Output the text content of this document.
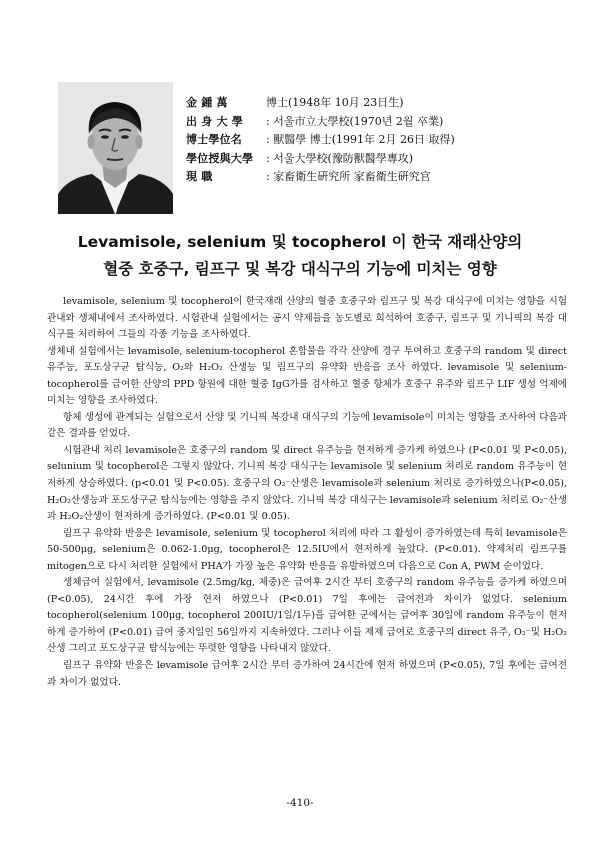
金 鍾 萬	博士(1948年 10月 23日生)
出 身 大 學	: 서울市立大學校(1970년 2월 卒業)
博士學位名	: 獸醫學 博士(1991年 2月 26日 取得)
學位授與大學	: 서울大學校(豫防獸醫學專攻)
現 職	: 家畜衛生硏究所 家畜衛生硏究官
Levamisole, selenium 및 tocopherol 이 한국 재래산양의
혈중 호중구, 림프구 및 복강 대식구의 기능에 미치는 영향

levamisole, selenium 및 tocopherol이 한국재래 산양의 혈중 호중구와 림프구 및 복강 대식구에 미치는 영향을 시험관내와 생체내에서 조사하였다. 시험관내 실험에서는 공시 약제들을 농도별로 희석하여 호중구, 림프구 및 기니픽의 복강 대식구를 처리하여 그들의 각종 기능을 조사하였다.

생체내 실험에서는 levamisole, selenium-tocopherol 혼합물을 각각 산양에 경구 투여하고 호중구의 random 및 direct 유주능, 포도상구균 탐식능, O₂와 H₂O₂ 산생능 및 림프구의 유약화 반응을 조사 하였다. levamisole 및 selenium-tocopherol를 급여한 산양의 PPD 항원에 대한 혈중 IgG가를 검사하고 혈중 항체가 호중구 유주와 림프구 LIF 생성 억제에 미치는 영향을 조사하였다.

항체 생성에 관계되는 실험으로서 산양 및 기니픽 복강내 대식구의 기능에 levamisole이 미치는 영향을 조사하여 다음과 같은 결과를 얻었다.

시험관내 처리 levamisole은 호중구의 random 및 direct 유주능을 현저하게 증가케 하였으나 (P<0.01 및 P<0.05), selunium 및 tocopherol은 그렇지 않았다. 기니픽 복강 대식구는 levamisole 및 selenium 처리로 random 유주능이 현저하게 상승하였다. (p<0.01 및 P<0.05). 호중구의 O₂⁻산생은 levamisole과 selenium 처리로 증가하였으나(P<0.05), H₂O₂산생능과 포도상구균 탐식능에는 영향을 주지 않았다. 기니픽 복강 대식구는 levamisole과 selenium 처리로 O₂⁻산생과 H₂O₂산생이 현저하게 증가하였다. (P<0.01 및 0.05).

림프구 유약화 반응은 levamisole, selenium 및 tocopherol 처리에 따라 그 활성이 증가하였는데 특히 levamisole은 50-500μg, selenium은 0.062-1.0μg, tocopherol은 12.5IU에서 현저하게 높았다. (P<0.01). 약제처리 림프구를 mitogen으로 다시 처리한 실험에서 PHA가 가장 높은 유약화 반응을 유발하였으며 다음으로 Con A, PWM 순이었다.

생체급여 실험에서, levamisole (2.5mg/kg, 체중)은 급여후 2시간 부터 호중구의 random 유주능을 증가케 하였으며 (P<0.05), 24시간 후에 가장 현저 하였으나 (P<0.01) 7일 후에는 급여전과 차이가 없었다. selenium tocopherol(selenium 100μg, tocopherol 200IU/1일/1두)을 급여한 군에서는 급여후 30일에 random 유주능이 현저하게 증가하여 (P<0.01) 급여 중지일인 56일까지 지속하였다. 그러나 이들 제제 급여로 호중구의 direct 유주, O₂⁻및 H₂O₂ 산생 그리고 포도상구균 탐식능에는 뚜렷한 영향을 나타내지 않았다.

림프구 유약화 반응은 levamisole 급여후 2시간 부터 증가하여 24시간에 현저 하였으며 (P<0.05), 7일 후에는 급여전과 차이가 없었다.

-410-
